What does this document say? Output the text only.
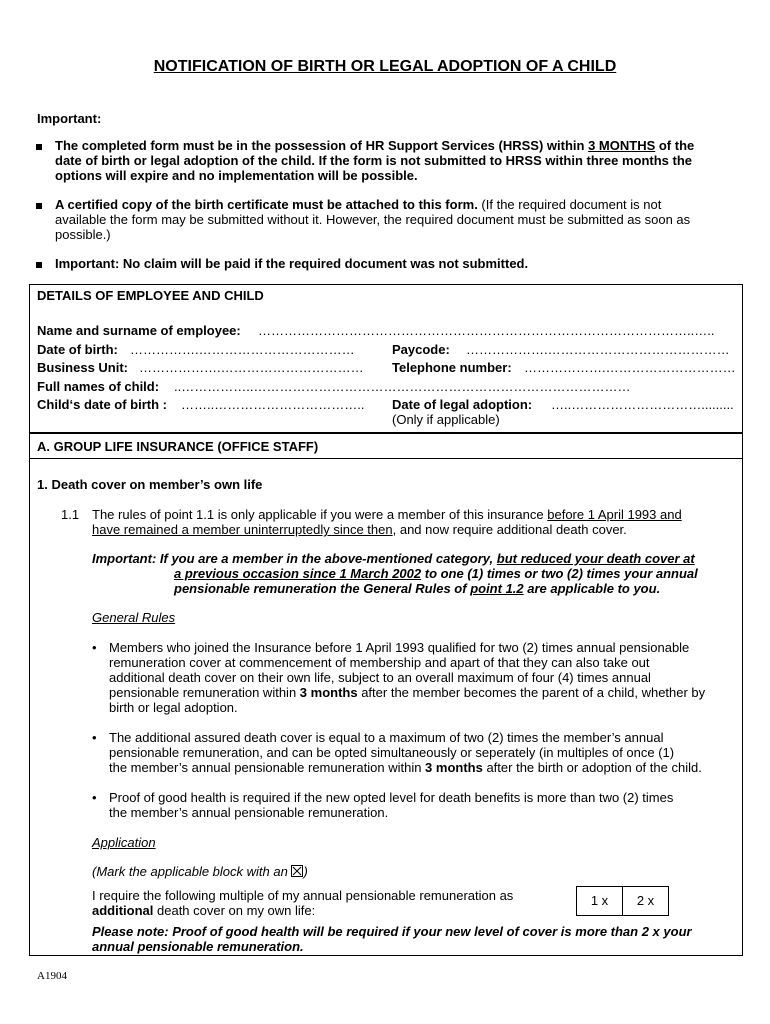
NOTIFICATION OF BIRTH OR LEGAL ADOPTION OF A CHILD
Important:
The completed form must be in the possession of HR Support Services (HRSS) within 3 MONTHS of the
date of birth or legal adoption of the child. If the form is not submitted to HRSS within three months the
options will expire and no implementation will be possible.
A certified copy of the birth certificate must be attached to this form. (If the required document is not
available the form may be submitted without it. However, the required document must be submitted as soon as
possible.)
Important: No claim will be paid if the required document was not submitted.
DETAILS OF EMPLOYEE AND CHILD
Name and surname of employee: ………………………………………………………………………………………..…..
Date of birth: …………….………………………………	Paycode: ……………….……………………………………
Business Unit: ……………….…………………………… Telephone number: ……………….…………………………
Full names of child: ..……………..……………………………………………………………………………
Child‘s date of birth : ……..…………………………….. Date of legal adoption: …..………………………….........
(Only if applicable)
A. GROUP LIFE INSURANCE (OFFICE STAFF)
1. Death cover on member’s own life
1.1 The rules of point 1.1 is only applicable if you were a member of this insurance before 1 April 1993 and
have remained a member uninterruptedly since then, and now require additional death cover.
Important: If you are a member in the above-mentioned category, but reduced your death cover at
a previous occasion since 1 March 2002 to one (1) times or two (2) times your annual
pensionable remuneration the General Rules of point 1.2 are applicable to you.
General Rules
• Members who joined the Insurance before 1 April 1993 qualified for two (2) times annual pensionable
remuneration cover at commencement of membership and apart of that they can also take out
additional death cover on their own life, subject to an overall maximum of four (4) times annual
pensionable remuneration within 3 months after the member becomes the parent of a child, whether by
birth or legal adoption.
• The additional assured death cover is equal to a maximum of two (2) times the member’s annual
pensionable remuneration, and can be opted simultaneously or seperately (in multiples of once (1)
the member’s annual pensionable remuneration within 3 months after the birth or adoption of the child.
• Proof of good health is required if the new opted level for death benefits is more than two (2) times
the member’s annual pensionable remuneration.
Application
(Mark the applicable block with an
)
I require the following multiple of my annual pensionable remuneration as
additional death cover on my own life:
1 x	2 x
Please note: Proof of good health will be required if your new level of cover is more than 2 x your
annual pensionable remuneration.
A1904
